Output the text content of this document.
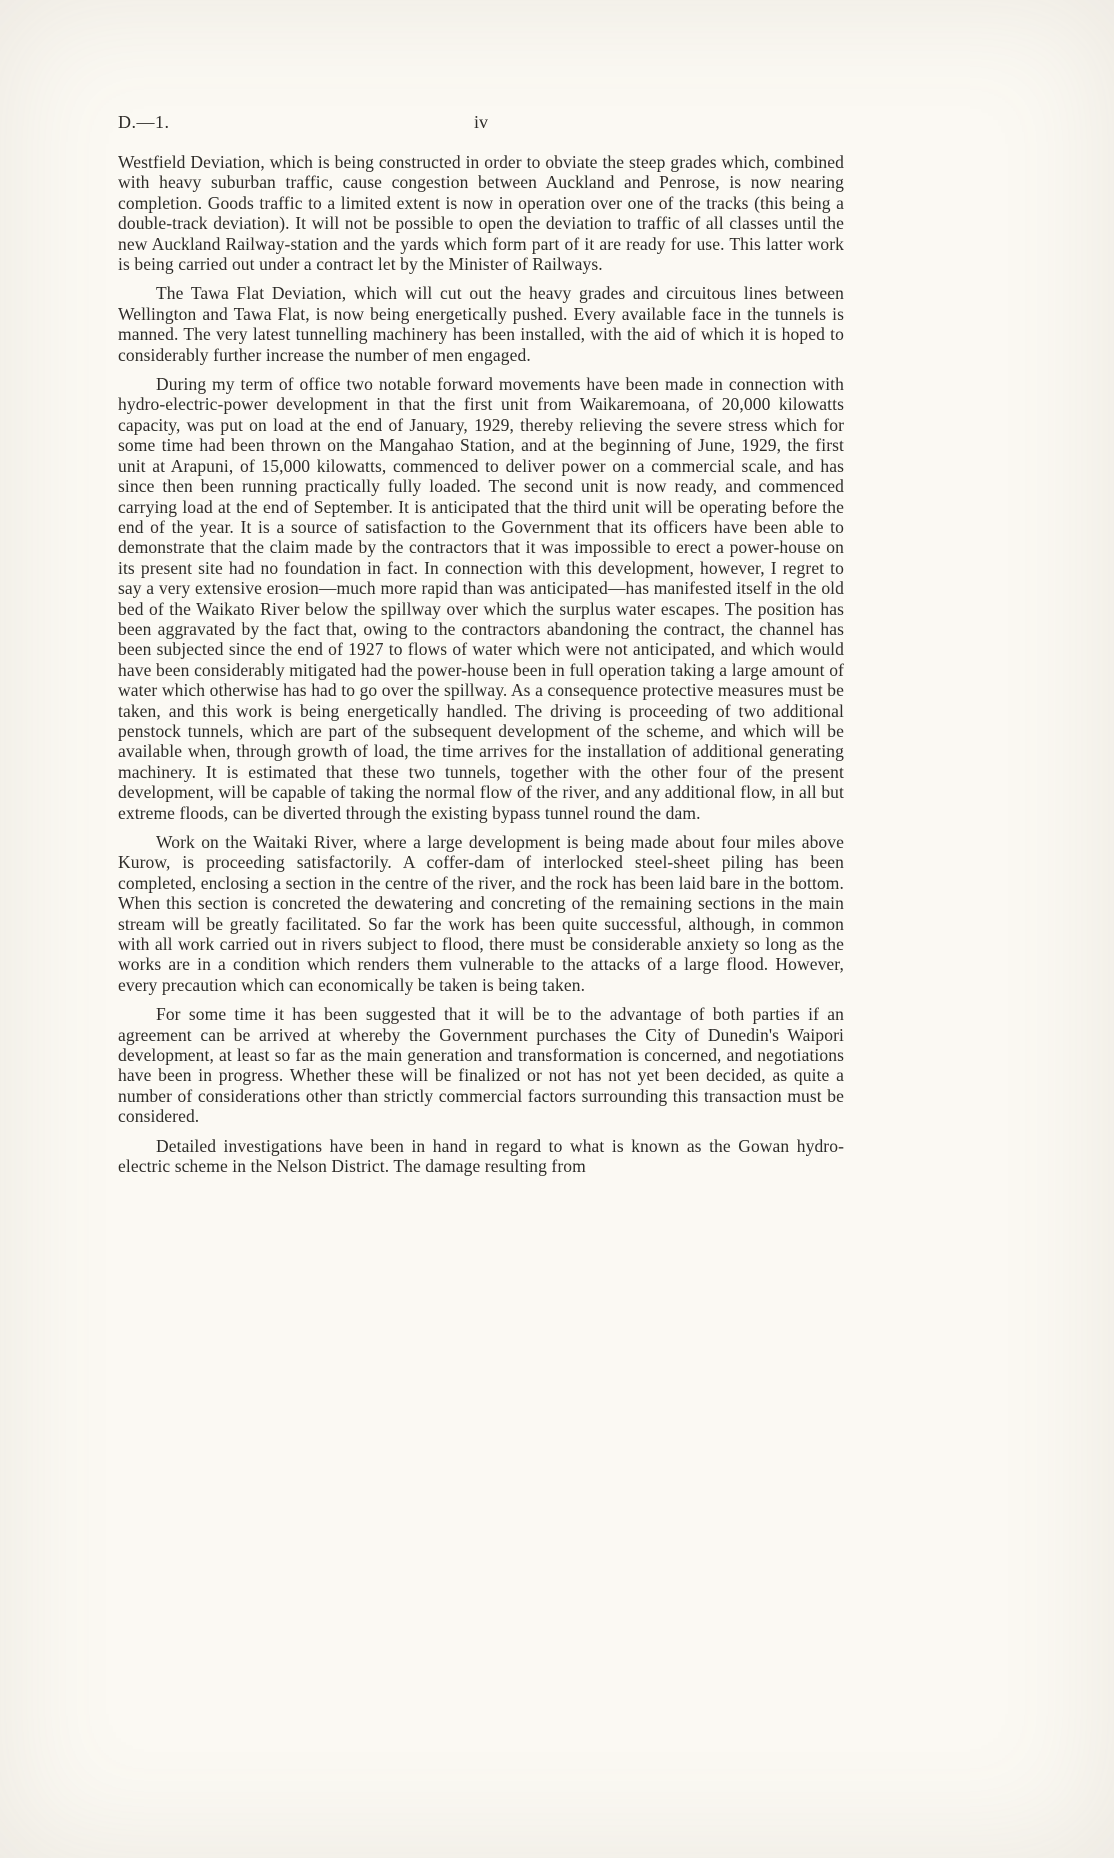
D.—1.	iv

Westfield Deviation, which is being constructed in order to obviate the steep grades which, combined with heavy suburban traffic, cause congestion between Auckland and Penrose, is now nearing completion. Goods traffic to a limited extent is now in operation over one of the tracks (this being a double-track deviation). It will not be possible to open the deviation to traffic of all classes until the new Auckland Railway-station and the yards which form part of it are ready for use. This latter work is being carried out under a contract let by the Minister of Railways.

The Tawa Flat Deviation, which will cut out the heavy grades and circuitous lines between Wellington and Tawa Flat, is now being energetically pushed. Every available face in the tunnels is manned. The very latest tunnelling machinery has been installed, with the aid of which it is hoped to considerably further increase the number of men engaged.

During my term of office two notable forward movements have been made in connection with hydro-electric-power development in that the first unit from Waikaremoana, of 20,000 kilowatts capacity, was put on load at the end of January, 1929, thereby relieving the severe stress which for some time had been thrown on the Mangahao Station, and at the beginning of June, 1929, the first unit at Arapuni, of 15,000 kilowatts, commenced to deliver power on a commercial scale, and has since then been running practically fully loaded. The second unit is now ready, and commenced carrying load at the end of September. It is anticipated that the third unit will be operating before the end of the year. It is a source of satisfaction to the Government that its officers have been able to demonstrate that the claim made by the contractors that it was impossible to erect a power-house on its present site had no foundation in fact. In connection with this development, however, I regret to say a very extensive erosion—much more rapid than was anticipated—has manifested itself in the old bed of the Waikato River below the spillway over which the surplus water escapes. The position has been aggravated by the fact that, owing to the contractors abandoning the contract, the channel has been subjected since the end of 1927 to flows of water which were not anticipated, and which would have been considerably mitigated had the power-house been in full operation taking a large amount of water which otherwise has had to go over the spillway. As a consequence protective measures must be taken, and this work is being energetically handled. The driving is proceeding of two additional penstock tunnels, which are part of the subsequent development of the scheme, and which will be available when, through growth of load, the time arrives for the installation of additional generating machinery. It is estimated that these two tunnels, together with the other four of the present development, will be capable of taking the normal flow of the river, and any additional flow, in all but extreme floods, can be diverted through the existing bypass tunnel round the dam.

Work on the Waitaki River, where a large development is being made about four miles above Kurow, is proceeding satisfactorily. A coffer-dam of interlocked steel-sheet piling has been completed, enclosing a section in the centre of the river, and the rock has been laid bare in the bottom. When this section is concreted the dewatering and concreting of the remaining sections in the main stream will be greatly facilitated. So far the work has been quite successful, although, in common with all work carried out in rivers subject to flood, there must be considerable anxiety so long as the works are in a condition which renders them vulnerable to the attacks of a large flood. However, every precaution which can economically be taken is being taken.

For some time it has been suggested that it will be to the advantage of both parties if an agreement can be arrived at whereby the Government purchases the City of Dunedin's Waipori development, at least so far as the main generation and transformation is concerned, and negotiations have been in progress. Whether these will be finalized or not has not yet been decided, as quite a number of considerations other than strictly commercial factors surrounding this transaction must be considered.

Detailed investigations have been in hand in regard to what is known as the Gowan hydro-electric scheme in the Nelson District. The damage resulting from
